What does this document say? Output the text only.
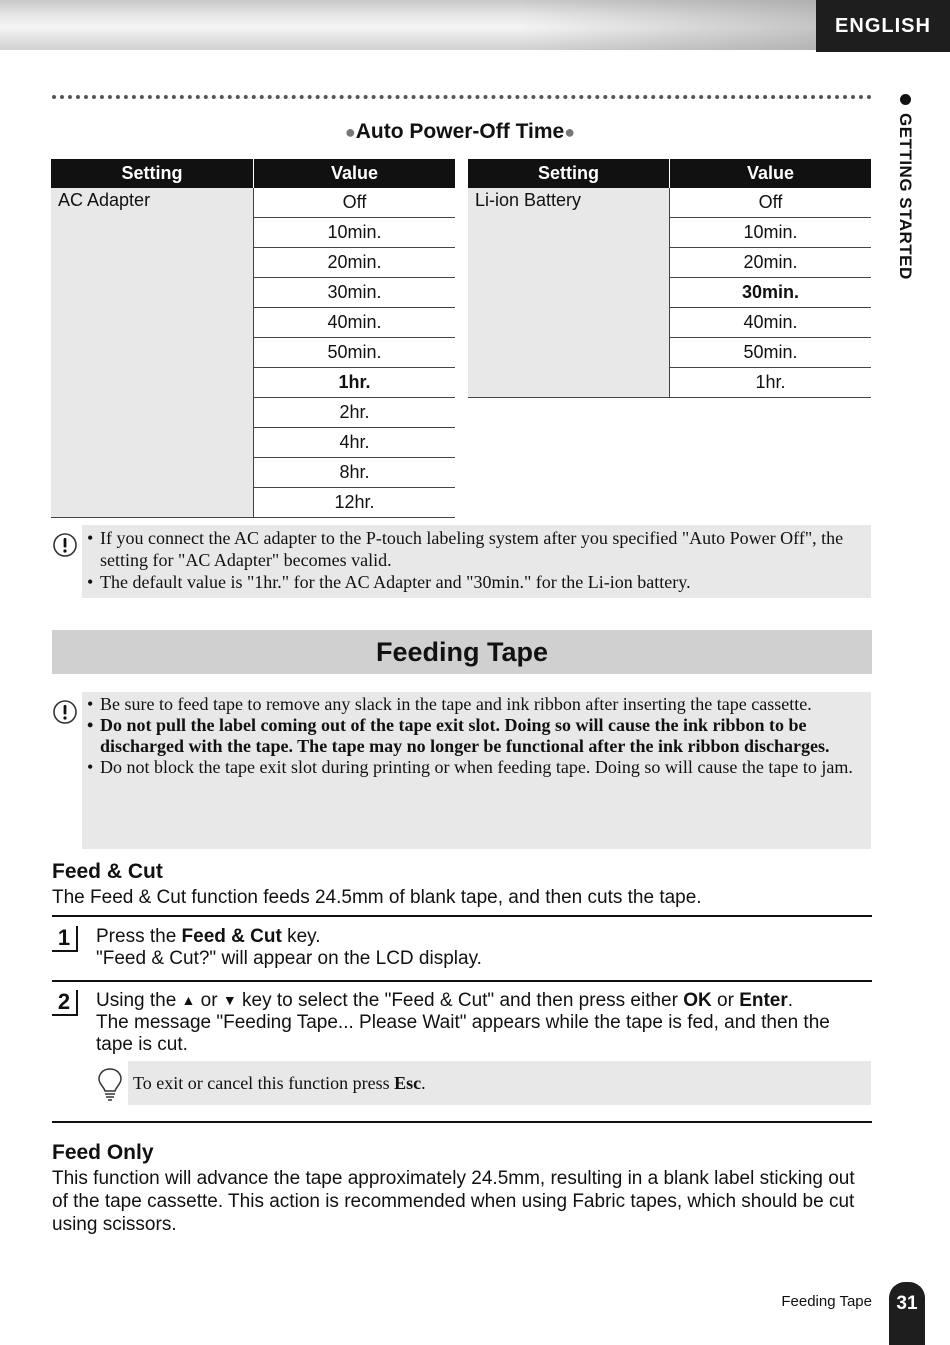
ENGLISH
GETTING STARTED
●Auto Power-Off Time●
Setting	Value
AC Adapter	Off
	10min.
	20min.
	30min.
	40min.
	50min.
	1hr.
	2hr.
	4hr.
	8hr.
	12hr.
Setting	Value
Li-ion Battery	Off
	10min.
	20min.
	30min.
	40min.
	50min.
	1hr.
• If you connect the AC adapter to the P-touch labeling system after you specified "Auto Power Off", the setting for "AC Adapter" becomes valid.
• The default value is "1hr." for the AC Adapter and "30min." for the Li-ion battery.
Feeding Tape
• Be sure to feed tape to remove any slack in the tape and ink ribbon after inserting the tape cassette.
• Do not pull the label coming out of the tape exit slot. Doing so will cause the ink ribbon to be discharged with the tape. The tape may no longer be functional after the ink ribbon discharges.
• Do not block the tape exit slot during printing or when feeding tape. Doing so will cause the tape to jam.
Feed & Cut
The Feed & Cut function feeds 24.5mm of blank tape, and then cuts the tape.
1	Press the Feed & Cut key.
"Feed & Cut?" will appear on the LCD display.
2	Using the ▲ or ▼ key to select the "Feed & Cut" and then press either OK or Enter.
The message "Feeding Tape... Please Wait" appears while the tape is fed, and then the tape is cut.
To exit or cancel this function press Esc.
Feed Only
This function will advance the tape approximately 24.5mm, resulting in a blank label sticking out of the tape cassette. This action is recommended when using Fabric tapes, which should be cut using scissors.
Feeding Tape	31
